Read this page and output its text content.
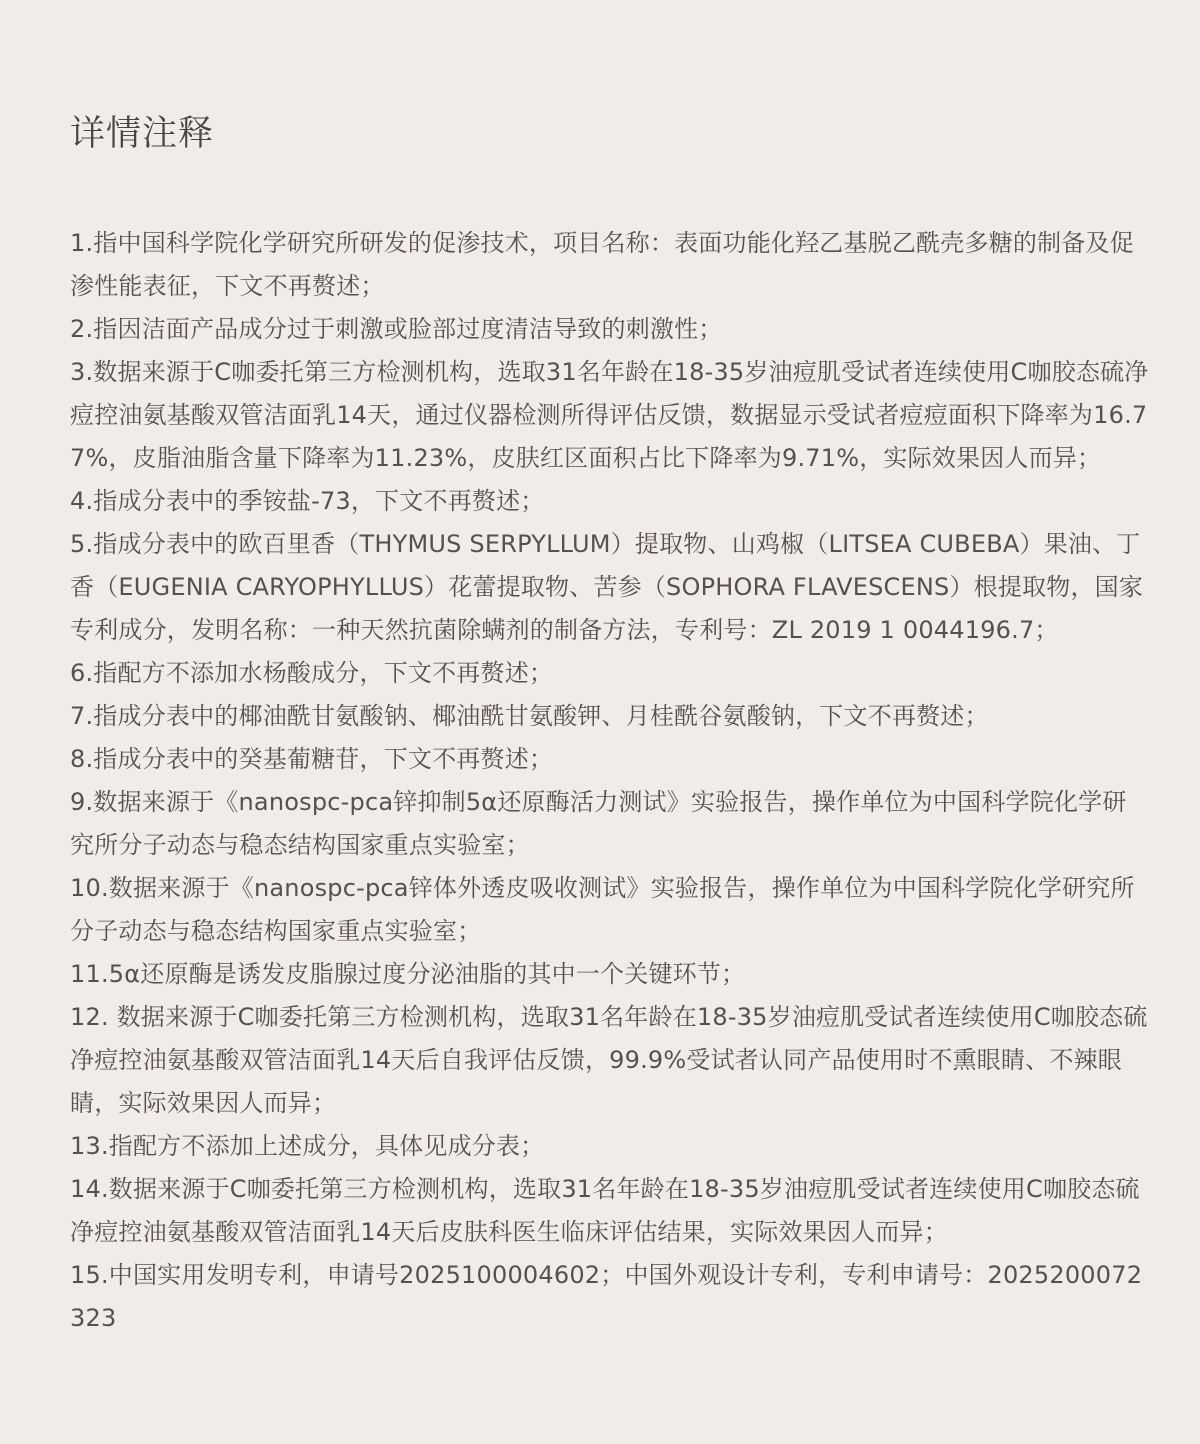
详情注释
1.指中国科学院化学研究所研发的促渗技术，项目名称：表面功能化羟乙基脱乙酰壳多糖的制备及促渗性能表征，下文不再赘述；
2.指因洁面产品成分过于刺激或脸部过度清洁导致的刺激性；
3.数据来源于C咖委托第三方检测机构，选取31名年龄在18-35岁油痘肌受试者连续使用C咖胶态硫净痘控油氨基酸双管洁面乳14天，通过仪器检测所得评估反馈，数据显示受试者痘痘面积下降率为16.77%，皮脂油脂含量下降率为11.23%，皮肤红区面积占比下降率为9.71%，实际效果因人而异；
4.指成分表中的季铵盐-73，下文不再赘述；
5.指成分表中的欧百里香（THYMUS SERPYLLUM）提取物、山鸡椒（LITSEA CUBEBA）果油、丁香（EUGENIA CARYOPHYLLUS）花蕾提取物、苦参（SOPHORA FLAVESCENS）根提取物，国家专利成分，发明名称：一种天然抗菌除螨剂的制备方法，专利号：ZL 2019 1 0044196.7；
6.指配方不添加水杨酸成分，下文不再赘述；
7.指成分表中的椰油酰甘氨酸钠、椰油酰甘氨酸钾、月桂酰谷氨酸钠，下文不再赘述；
8.指成分表中的癸基葡糖苷，下文不再赘述；
9.数据来源于《nanospc-pca锌抑制5α还原酶活力测试》实验报告，操作单位为中国科学院化学研究所分子动态与稳态结构国家重点实验室；
10.数据来源于《nanospc-pca锌体外透皮吸收测试》实验报告，操作单位为中国科学院化学研究所分子动态与稳态结构国家重点实验室；
11.5α还原酶是诱发皮脂腺过度分泌油脂的其中一个关键环节；
12. 数据来源于C咖委托第三方检测机构，选取31名年龄在18-35岁油痘肌受试者连续使用C咖胶态硫净痘控油氨基酸双管洁面乳14天后自我评估反馈，99.9%受试者认同产品使用时不熏眼睛、不辣眼睛，实际效果因人而异；
13.指配方不添加上述成分，具体见成分表；
14.数据来源于C咖委托第三方检测机构，选取31名年龄在18-35岁油痘肌受试者连续使用C咖胶态硫净痘控油氨基酸双管洁面乳14天后皮肤科医生临床评估结果，实际效果因人而异；
15.中国实用发明专利，申请号2025100004602；中国外观设计专利，专利申请号：2025200072323
